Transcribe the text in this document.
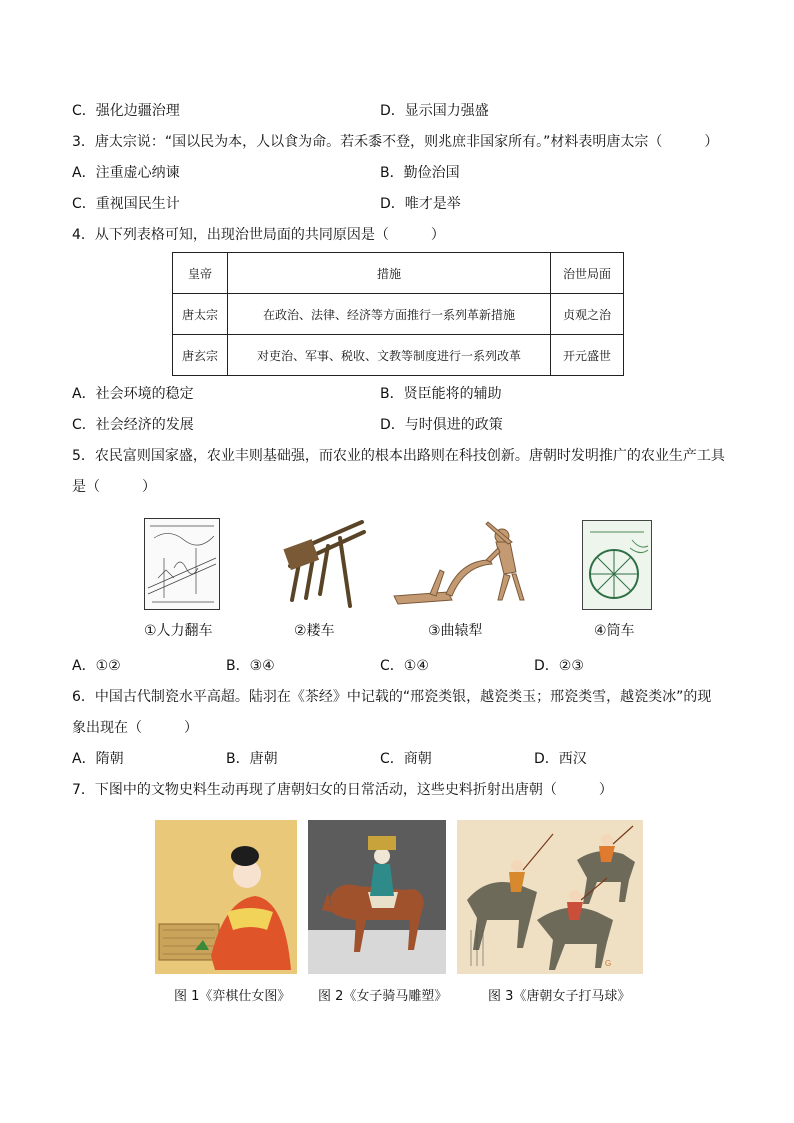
C．强化边疆治理	D．显示国力强盛
3．唐太宗说：“国以民为本，人以食为命。若禾黍不登，则兆庶非国家所有。”材料表明唐太宗（　　　）
A．注重虚心纳谏	B．勤俭治国
C．重视国民生计	D．唯才是举
4．从下列表格可知，出现治世局面的共同原因是（　　　）
皇帝	措施	治世局面
唐太宗	在政治、法律、经济等方面推行一系列革新措施	贞观之治
唐玄宗	对吏治、军事、税收、文教等制度进行一系列改革	开元盛世
A．社会环境的稳定	B．贤臣能将的辅助
C．社会经济的发展	D．与时俱进的政策
5．农民富则国家盛，农业丰则基础强，而农业的根本出路则在科技创新。唐朝时发明推广的农业生产工具
是（　　　）
①人力翻车	②耧车	③曲辕犁	④筒车
A．①②	B．③④	C．①④	D．②③
6．中国古代制瓷水平高超。陆羽在《茶经》中记载的“邢瓷类银，越瓷类玉；邢瓷类雪，越瓷类冰”的现
象出现在（　　　）
A．隋朝	B．唐朝	C．商朝	D．西汉
7．下图中的文物史料生动再现了唐朝妇女的日常活动，这些史料折射出唐朝（　　　）
G
图 1《弈棋仕女图》 图 2《女子骑马雕塑》	图 3《唐朝女子打马球》
